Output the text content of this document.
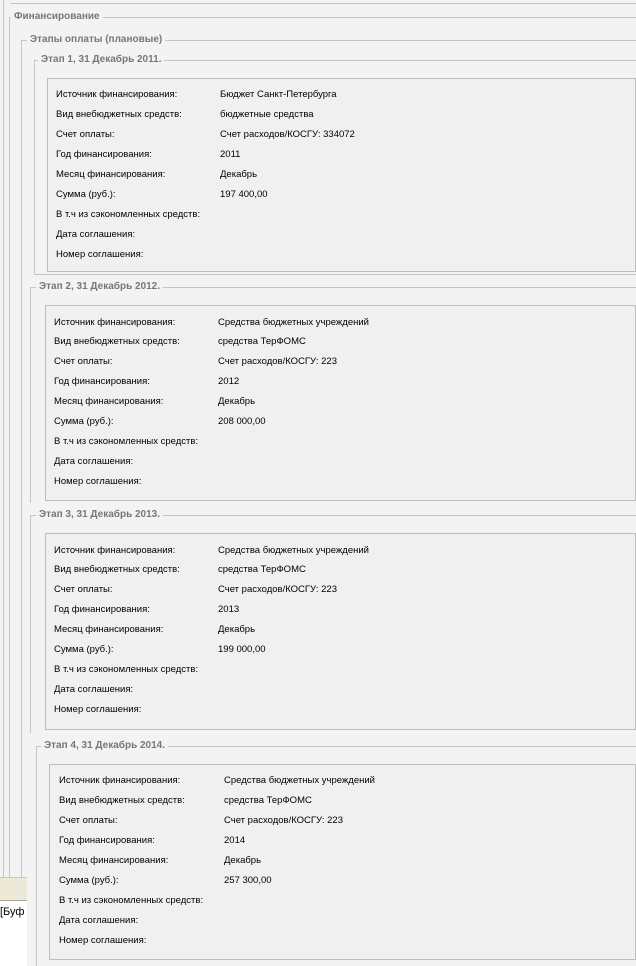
Финансирование
Этапы оплаты (плановые)
Этап 1, 31 Декабрь 2011.
Источник финансирования:	Бюджет Санкт-Петербурга
Вид внебюджетных средств:	бюджетные средства
Счет оплаты:	Счет расходов/КОСГУ: 334072
Год финансирования:	2011
Месяц финансирования:	Декабрь
Сумма (руб.):	197 400,00
В т.ч из сэкономленных средств:
Дата соглашения:
Номер соглашения:
Этап 2, 31 Декабрь 2012.
Источник финансирования:	Средства бюджетных учреждений
Вид внебюджетных средств:	средства ТерФОМС
Счет оплаты:	Счет расходов/КОСГУ: 223
Год финансирования:	2012
Месяц финансирования:	Декабрь
Сумма (руб.):	208 000,00
В т.ч из сэкономленных средств:
Дата соглашения:
Номер соглашения:
Этап 3, 31 Декабрь 2013.
Источник финансирования:	Средства бюджетных учреждений
Вид внебюджетных средств:	средства ТерФОМС
Счет оплаты:	Счет расходов/КОСГУ: 223
Год финансирования:	2013
Месяц финансирования:	Декабрь
Сумма (руб.):	199 000,00
В т.ч из сэкономленных средств:
Дата соглашения:
Номер соглашения:
Этап 4, 31 Декабрь 2014.
Источник финансирования:	Средства бюджетных учреждений
Вид внебюджетных средств:	средства ТерФОМС
Счет оплаты:	Счет расходов/КОСГУ: 223
Год финансирования:	2014
Месяц финансирования:	Декабрь
Сумма (руб.):	257 300,00
В т.ч из сэкономленных средств:
Дата соглашения:
Номер соглашения:
[Буф
